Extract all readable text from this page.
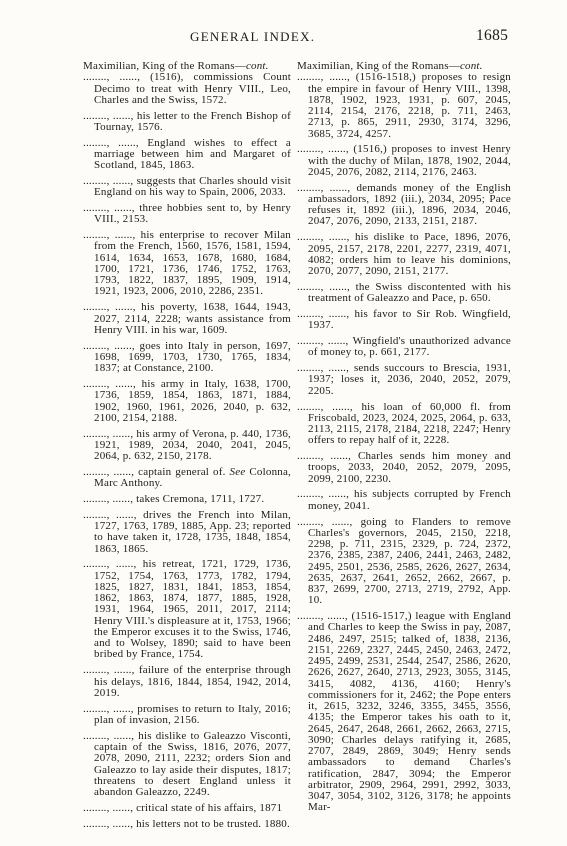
GENERAL INDEX.	1685

Maximilian, King of the Romans—cont.

........, ......, (1516), commissions Count Decimo to treat with Henry VIII., Leo, Charles and the Swiss, 1572.

........, ......, his letter to the French Bishop of Tournay, 1576.

........, ......, England wishes to effect a marriage between him and Margaret of Scotland, 1845, 1863.

........, ......, suggests that Charles should visit England on his way to Spain, 2006, 2033.

........, ......, three hobbies sent to, by Henry VIII., 2153.

........, ......, his enterprise to recover Milan from the French, 1560, 1576, 1581, 1594, 1614, 1634, 1653, 1678, 1680, 1684, 1700, 1721, 1736, 1746, 1752, 1763, 1793, 1822, 1837, 1895, 1909, 1914, 1921, 1923, 2006, 2010, 2286, 2351.

........, ......, his poverty, 1638, 1644, 1943, 2027, 2114, 2228; wants assistance from Henry VIII. in his war, 1609.

........, ......, goes into Italy in person, 1697, 1698, 1699, 1703, 1730, 1765, 1834, 1837; at Constance, 2100.

........, ......, his army in Italy, 1638, 1700, 1736, 1859, 1854, 1863, 1871, 1884, 1902, 1960, 1961, 2026, 2040, p. 632, 2100, 2154, 2188.

........, ......, his army of Verona, p. 440, 1736, 1921, 1989, 2034, 2040, 2041, 2045, 2064, p. 632, 2150, 2178.

........, ......, captain general of. See Colonna, Marc Anthony.

........, ......, takes Cremona, 1711, 1727.

........, ......, drives the French into Milan, 1727, 1763, 1789, 1885, App. 23; reported to have taken it, 1728, 1735, 1848, 1854, 1863, 1865.

........, ......, his retreat, 1721, 1729, 1736, 1752, 1754, 1763, 1773, 1782, 1794, 1825, 1827, 1831, 1841, 1853, 1854, 1862, 1863, 1874, 1877, 1885, 1928, 1931, 1964, 1965, 2011, 2017, 2114; Henry VIII.'s displeasure at it, 1753, 1966; the Emperor excuses it to the Swiss, 1746, and to Wolsey, 1890; said to have been bribed by France, 1754.

........, ......, failure of the enterprise through his delays, 1816, 1844, 1854, 1942, 2014, 2019.

........, ......, promises to return to Italy, 2016; plan of invasion, 2156.

........, ......, his dislike to Galeazzo Visconti, captain of the Swiss, 1816, 2076, 2077, 2078, 2090, 2111, 2232; orders Sion and Galeazzo to lay aside their disputes, 1817; threatens to desert England unless it abandon Galeazzo, 2249.

........, ......, critical state of his affairs, 1871

........, ......, his letters not to be trusted. 1880.

Maximilian, King of the Romans—cont.

........, ......, (1516-1518,) proposes to resign the empire in favour of Henry VIII., 1398, 1878, 1902, 1923, 1931, p. 607, 2045, 2114, 2154, 2176, 2218, p. 711, 2463, 2713, p. 865, 2911, 2930, 3174, 3296, 3685, 3724, 4257.

........, ......, (1516,) proposes to invest Henry with the duchy of Milan, 1878, 1902, 2044, 2045, 2076, 2082, 2114, 2176, 2463.

........, ......, demands money of the English ambassadors, 1892 (iii.), 2034, 2095; Pace refuses it, 1892 (iii.), 1896, 2034, 2046, 2047, 2076, 2090, 2133, 2151, 2187.

........, ......, his dislike to Pace, 1896, 2076, 2095, 2157, 2178, 2201, 2277, 2319, 4071, 4082; orders him to leave his dominions, 2070, 2077, 2090, 2151, 2177.

........, ......, the Swiss discontented with his treatment of Galeazzo and Pace, p. 650.

........, ......, his favor to Sir Rob. Wingfield, 1937.

........, ......, Wingfield's unauthorized advance of money to, p. 661, 2177.

........, ......, sends succours to Brescia, 1931, 1937; loses it, 2036, 2040, 2052, 2079, 2205.

........, ......, his loan of 60,000 fl. from Friscobald, 2023, 2024, 2025, 2064, p. 633, 2113, 2115, 2178, 2184, 2218, 2247; Henry offers to repay half of it, 2228.

........, ......, Charles sends him money and troops, 2033, 2040, 2052, 2079, 2095, 2099, 2100, 2230.

........, ......, his subjects corrupted by French money, 2041.

........, ......, going to Flanders to remove Charles's governors, 2045, 2150, 2218, 2298, p. 711, 2315, 2329, p. 724, 2372, 2376, 2385, 2387, 2406, 2441, 2463, 2482, 2495, 2501, 2536, 2585, 2626, 2627, 2634, 2635, 2637, 2641, 2652, 2662, 2667, p. 837, 2699, 2700, 2713, 2719, 2792, App. 10.

........, ......, (1516-1517,) league with England and Charles to keep the Swiss in pay, 2087, 2486, 2497, 2515; talked of, 1838, 2136, 2151, 2269, 2327, 2445, 2450, 2463, 2472, 2495, 2499, 2531, 2544, 2547, 2586, 2620, 2626, 2627, 2640, 2713, 2923, 3055, 3145, 3415, 4082, 4136, 4160; Henry's commissioners for it, 2462; the Pope enters it, 2615, 3232, 3246, 3355, 3455, 3556, 4135; the Emperor takes his oath to it, 2645, 2647, 2648, 2661, 2662, 2663, 2715, 3090; Charles delays ratifying it, 2685, 2707, 2849, 2869, 3049; Henry sends ambassadors to demand Charles's ratification, 2847, 3094; the Emperor arbitrator, 2909, 2964, 2991, 2992, 3033, 3047, 3054, 3102, 3126, 3178; he appoints Mar-
